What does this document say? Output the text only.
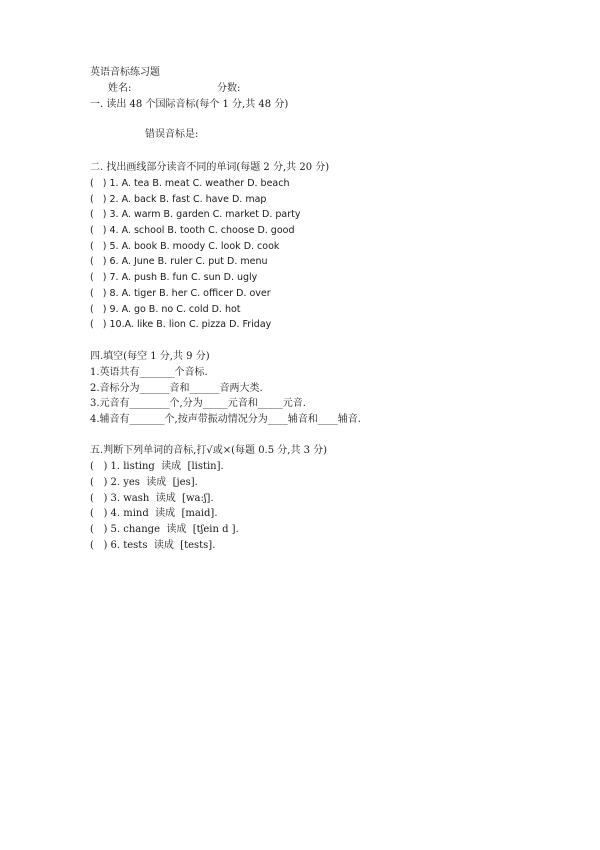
英语音标练习题
姓名:	分数:
一. 读出 48 个国际音标(每个 1 分,共 48 分)
错误音标是:
二. 找出画线部分读音不同的单词(每题 2 分,共 20 分)
(   ) 1. A. tea B. meat C. weather D. beach
(   ) 2. A. back B. fast C. have D. map
(   ) 3. A. warm B. garden C. market D. party
(   ) 4. A. school B. tooth C. choose D. good
(   ) 5. A. book B. moody C. look D. cook
(   ) 6. A. June B. ruler C. put D. menu
(   ) 7. A. push B. fun C. sun D. ugly
(   ) 8. A. tiger B. her C. officer D. over
(   ) 9. A. go B. no C. cold D. hot
(   ) 10.A. like B. lion C. pizza D. Friday
四.填空(每空 1 分,共 9 分)
1.英语共有_______个音标.
2.音标分为______音和______音两大类.
3.元音有________个,分为_____元音和_____元音.
4.辅音有_______个,按声带振动情况分为____辅音和____辅音.
五.判断下列单词的音标,打√或×(每题 0.5 分,共 3 分)
(   ) 1. listing  读成  [listin].
(   ) 2. yes  读成  [jes].
(   ) 3. wash  读成  [wa:ʃ].
(   ) 4. mind  读成  [maid].
(   ) 5. change  读成  [tʃein d ].
(   ) 6. tests  读成  [tests].
